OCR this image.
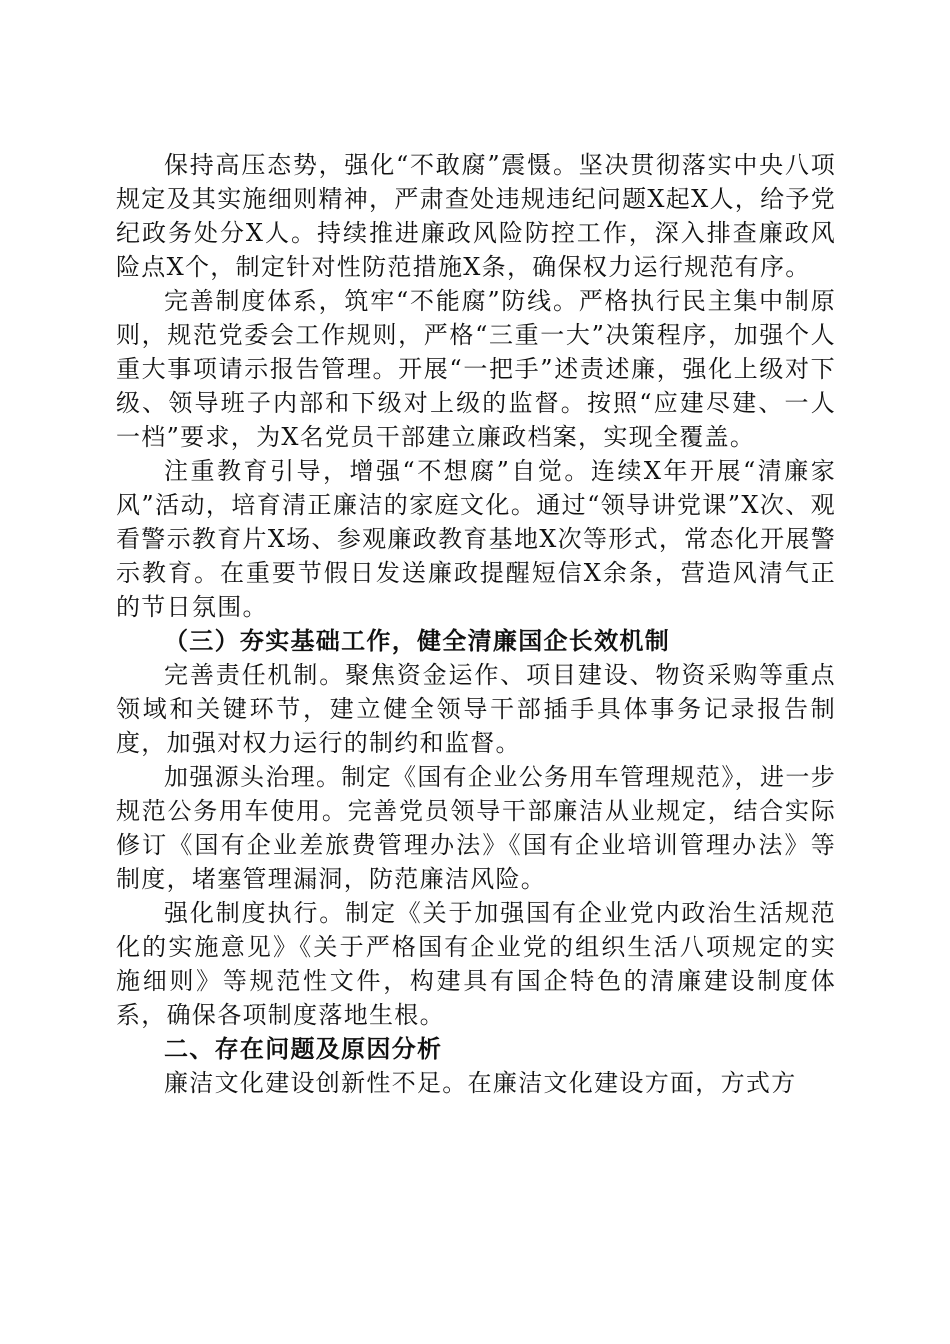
保持高压态势，强化“不敢腐”震慑。坚决贯彻落实中央八项规定及其实施细则精神，严肃查处违规违纪问题X起X人，给予党纪政务处分X人。持续推进廉政风险防控工作，深入排查廉政风险点X个，制定针对性防范措施X条，确保权力运行规范有序。

完善制度体系，筑牢“不能腐”防线。严格执行民主集中制原则，规范党委会工作规则，严格“三重一大”决策程序，加强个人重大事项请示报告管理。开展“一把手”述责述廉，强化上级对下级、领导班子内部和下级对上级的监督。按照“应建尽建、一人一档”要求，为X名党员干部建立廉政档案，实现全覆盖。

注重教育引导，增强“不想腐”自觉。连续X年开展“清廉家风”活动，培育清正廉洁的家庭文化。通过“领导讲党课”X次、观看警示教育片X场、参观廉政教育基地X次等形式，常态化开展警示教育。在重要节假日发送廉政提醒短信X余条，营造风清气正的节日氛围。

（三）夯实基础工作，健全清廉国企长效机制

完善责任机制。聚焦资金运作、项目建设、物资采购等重点领域和关键环节，建立健全领导干部插手具体事务记录报告制度，加强对权力运行的制约和监督。

加强源头治理。制定《国有企业公务用车管理规范》，进一步规范公务用车使用。完善党员领导干部廉洁从业规定，结合实际修订《国有企业差旅费管理办法》《国有企业培训管理办法》等制度，堵塞管理漏洞，防范廉洁风险。

强化制度执行。制定《关于加强国有企业党内政治生活规范化的实施意见》《关于严格国有企业党的组织生活八项规定的实施细则》等规范性文件，构建具有国企特色的清廉建设制度体系，确保各项制度落地生根。

二、存在问题及原因分析

廉洁文化建设创新性不足。在廉洁文化建设方面，方式方
